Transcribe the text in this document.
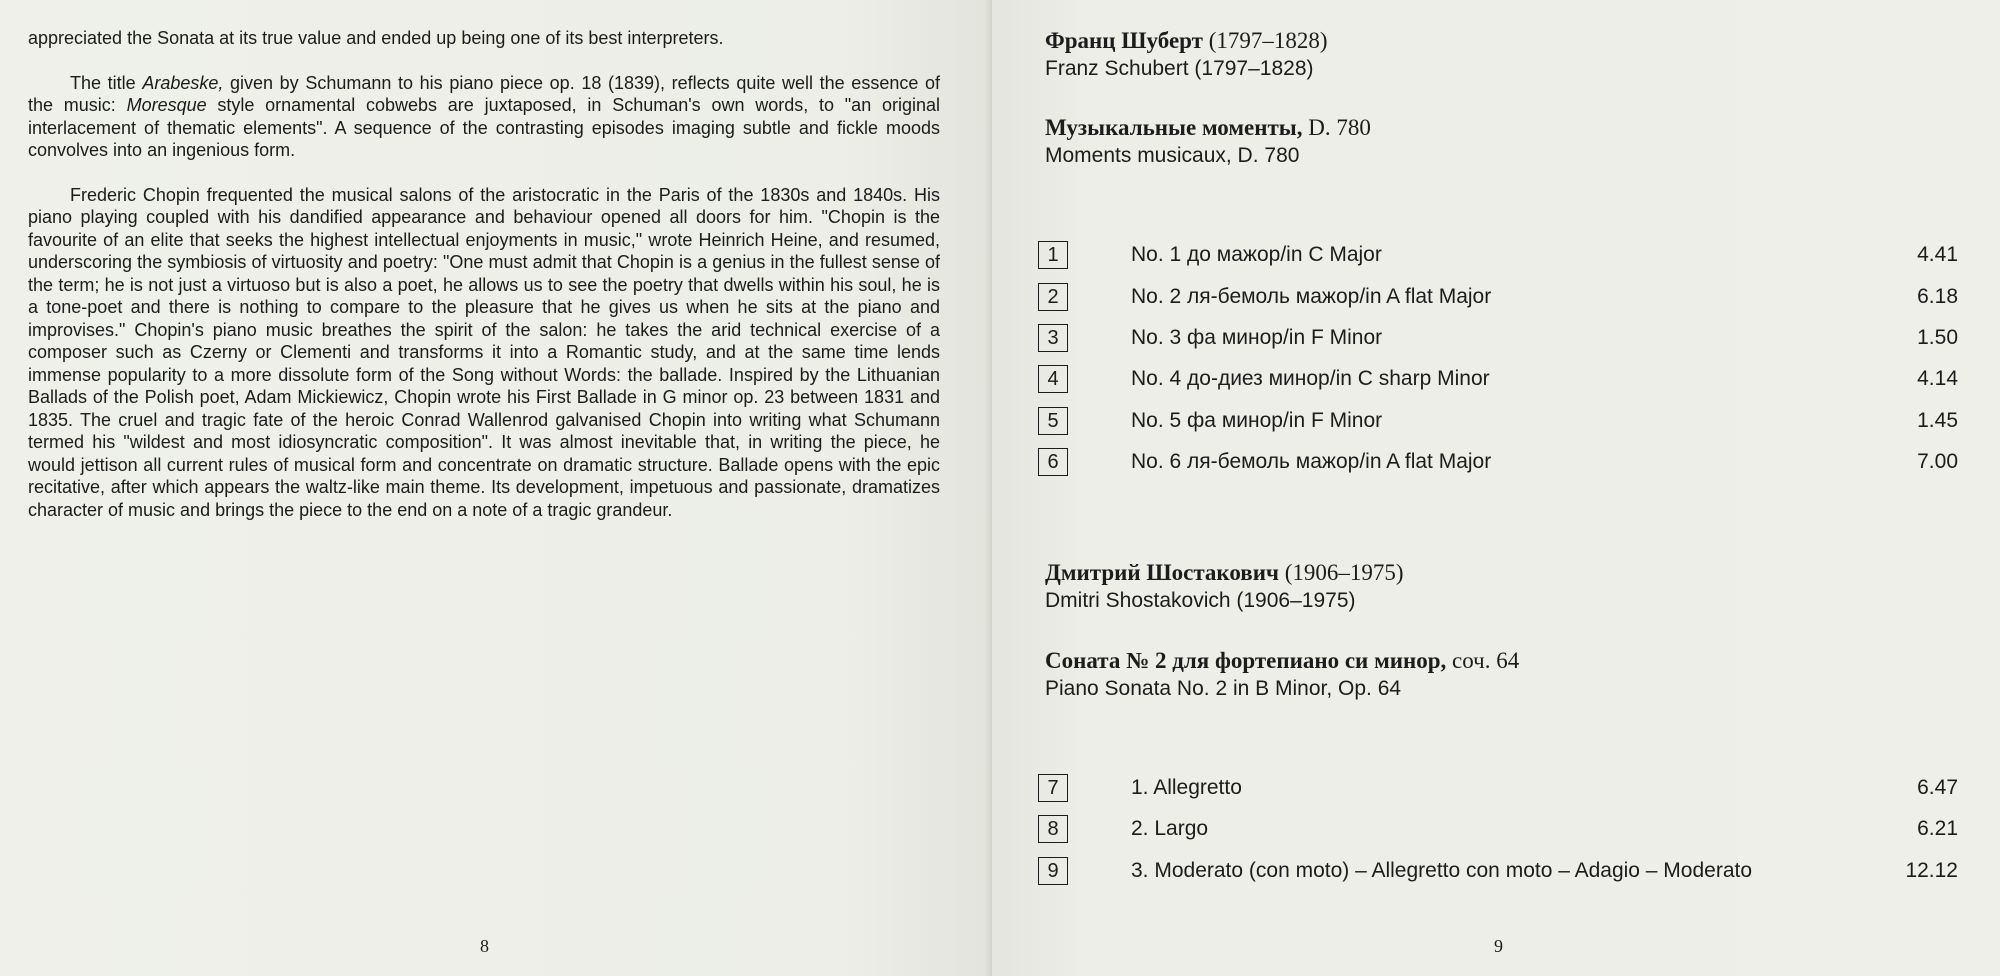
appreciated the Sonata at its true value and ended up being one of its best interpreters.

The title Arabeske, given by Schumann to his piano piece op. 18 (1839), reflects quite well the essence of the music: Moresque style ornamental cobwebs are juxtaposed, in Schuman's own words, to "an original interlacement of thematic elements". A sequence of the contrasting episodes imaging subtle and fickle moods convolves into an ingenious form.

Frederic Chopin frequented the musical salons of the aristocratic in the Paris of the 1830s and 1840s. His piano playing coupled with his dandified appearance and behaviour opened all doors for him. "Chopin is the favourite of an elite that seeks the highest intellectual enjoyments in music," wrote Heinrich Heine, and resumed, underscoring the symbiosis of virtuosity and poetry: "One must admit that Chopin is a genius in the fullest sense of the term; he is not just a virtuoso but is also a poet, he allows us to see the poetry that dwells within his soul, he is a tone-poet and there is nothing to compare to the pleasure that he gives us when he sits at the piano and improvises." Chopin's piano music breathes the spirit of the salon: he takes the arid technical exercise of a composer such as Czerny or Clementi and transforms it into a Romantic study, and at the same time lends immense popularity to a more dissolute form of the Song without Words: the ballade. Inspired by the Lithuanian Ballads of the Polish poet, Adam Mickiewicz, Chopin wrote his First Ballade in G minor op. 23 between 1831 and 1835. The cruel and tragic fate of the heroic Conrad Wallenrod galvanised Chopin into writing what Schumann termed his "wildest and most idiosyncratic composition". It was almost inevitable that, in writing the piece, he would jettison all current rules of musical form and concentrate on dramatic structure. Ballade opens with the epic recitative, after which appears the waltz-like main theme. Its development, impetuous and passionate, dramatizes character of music and brings the piece to the end on a note of a tragic grandeur.

8
Франц Шуберт (1797–1828)
Franz Schubert (1797–1828)
Музыкальные моменты, D. 780
Moments musicaux, D. 780
1	No. 1 до мажор/in C Major	4.41
2	No. 2 ля-бемоль мажор/in A flat Major	6.18
3	No. 3 фа минор/in F Minor	1.50
4	No. 4 до-диез минор/in C sharp Minor	4.14
5	No. 5 фа минор/in F Minor	1.45
6	No. 6 ля-бемоль мажор/in A flat Major	7.00
Дмитрий Шостакович (1906–1975)
Dmitri Shostakovich (1906–1975)
Соната № 2 для фортепиано си минор, соч. 64
Piano Sonata No. 2 in B Minor, Op. 64
7	1. Allegretto	6.47
8	2. Largo	6.21
9	3. Moderato (con moto) – Allegretto con moto – Adagio – Moderato	12.12
9
